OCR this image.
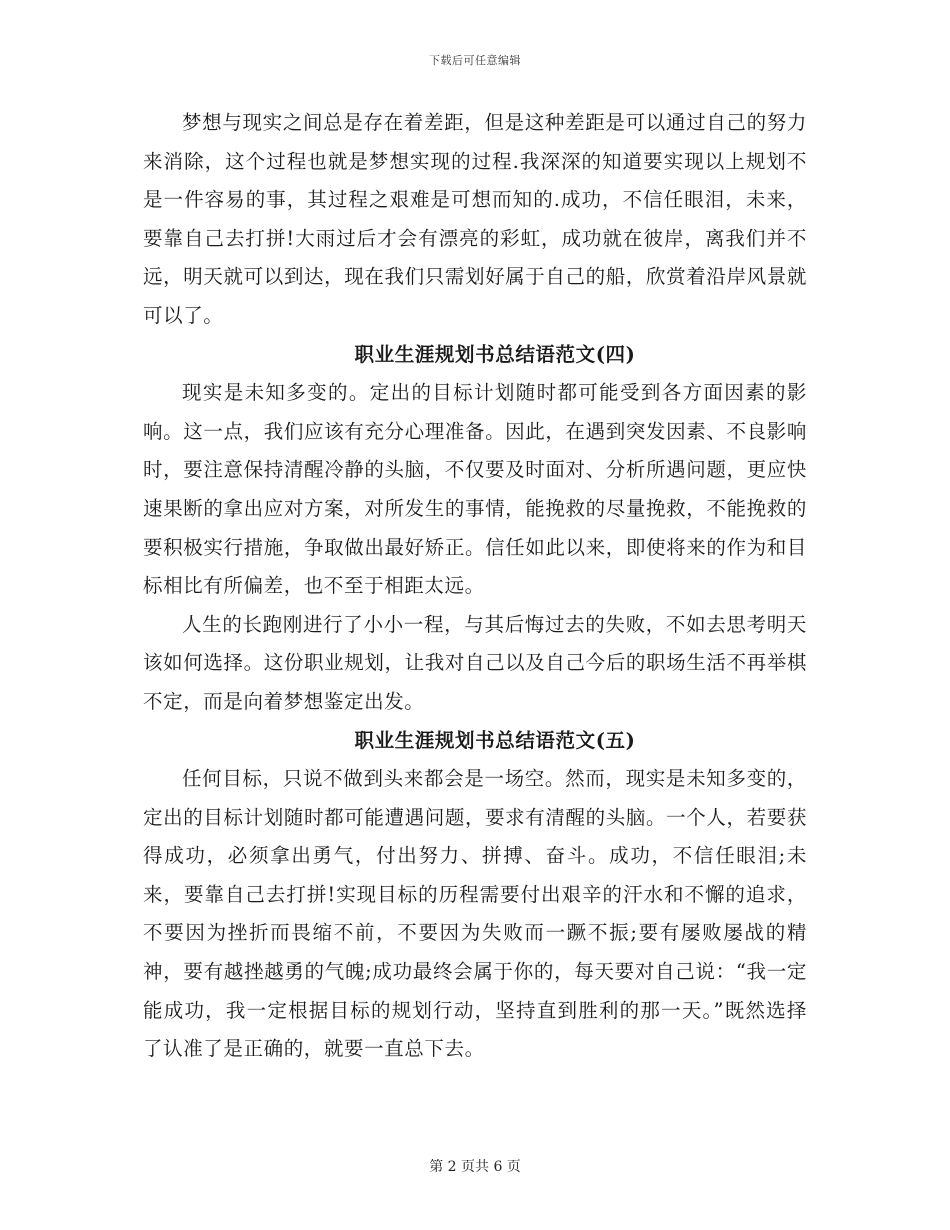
下载后可任意编辑

梦想与现实之间总是存在着差距，但是这种差距是可以通过自己的努力来消除，这个过程也就是梦想实现的过程.我深深的知道要实现以上规划不是一件容易的事，其过程之艰难是可想而知的.成功，不信任眼泪，未来，要靠自己去打拼!大雨过后才会有漂亮的彩虹，成功就在彼岸，离我们并不远，明天就可以到达，现在我们只需划好属于自己的船，欣赏着沿岸风景就可以了。

职业生涯规划书总结语范文(四)

现实是未知多变的。定出的目标计划随时都可能受到各方面因素的影响。这一点，我们应该有充分心理准备。因此，在遇到突发因素、不良影响时，要注意保持清醒冷静的头脑，不仅要及时面对、分析所遇问题，更应快速果断的拿出应对方案，对所发生的事情，能挽救的尽量挽救，不能挽救的要积极实行措施，争取做出最好矫正。信任如此以来，即使将来的作为和目标相比有所偏差，也不至于相距太远。

人生的长跑刚进行了小小一程，与其后悔过去的失败，不如去思考明天该如何选择。这份职业规划，让我对自己以及自己今后的职场生活不再举棋不定，而是向着梦想鉴定出发。

职业生涯规划书总结语范文(五)

任何目标，只说不做到头来都会是一场空。然而，现实是未知多变的，定出的目标计划随时都可能遭遇问题，要求有清醒的头脑。一个人，若要获得成功，必须拿出勇气，付出努力、拼搏、奋斗。成功，不信任眼泪;未来，要靠自己去打拼!实现目标的历程需要付出艰辛的汗水和不懈的追求，不要因为挫折而畏缩不前，不要因为失败而一蹶不振;要有屡败屡战的精神，要有越挫越勇的气魄;成功最终会属于你的，每天要对自己说：“我一定能成功，我一定根据目标的规划行动，坚持直到胜利的那一天。”既然选择了认准了是正确的，就要一直总下去。

第 2 页共 6 页
